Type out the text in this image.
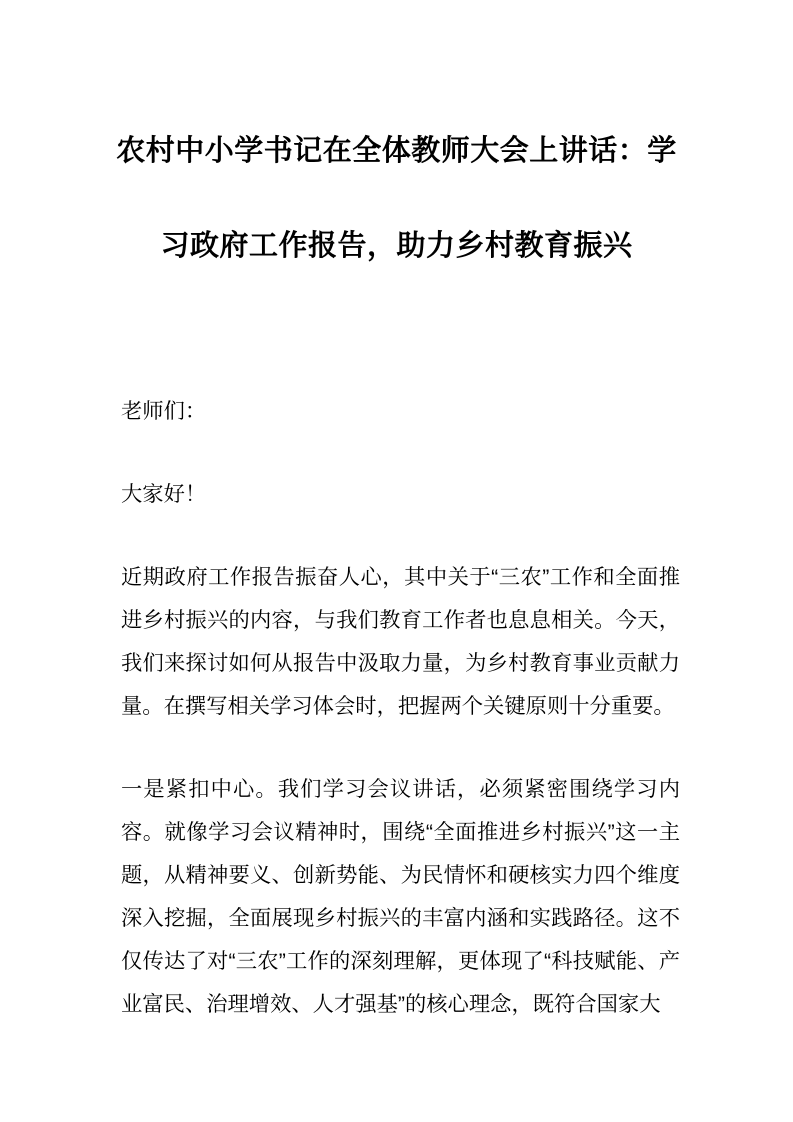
农村中小学书记在全体教师大会上讲话：学
习政府工作报告，助力乡村教育振兴

老师们：

大家好！

近期政府工作报告振奋人心，其中关于“三农”工作和全面推进乡村振兴的内容，与我们教育工作者也息息相关。今天，我们来探讨如何从报告中汲取力量，为乡村教育事业贡献力量。在撰写相关学习体会时，把握两个关键原则十分重要。

一是紧扣中心。我们学习会议讲话，必须紧密围绕学习内容。就像学习会议精神时，围绕“全面推进乡村振兴”这一主题，从精神要义、创新势能、为民情怀和硬核实力四个维度深入挖掘，全面展现乡村振兴的丰富内涵和实践路径。这不仅传达了对“三农”工作的深刻理解，更体现了“科技赋能、产业富民、治理增效、人才强基”的核心理念，既符合国家大
